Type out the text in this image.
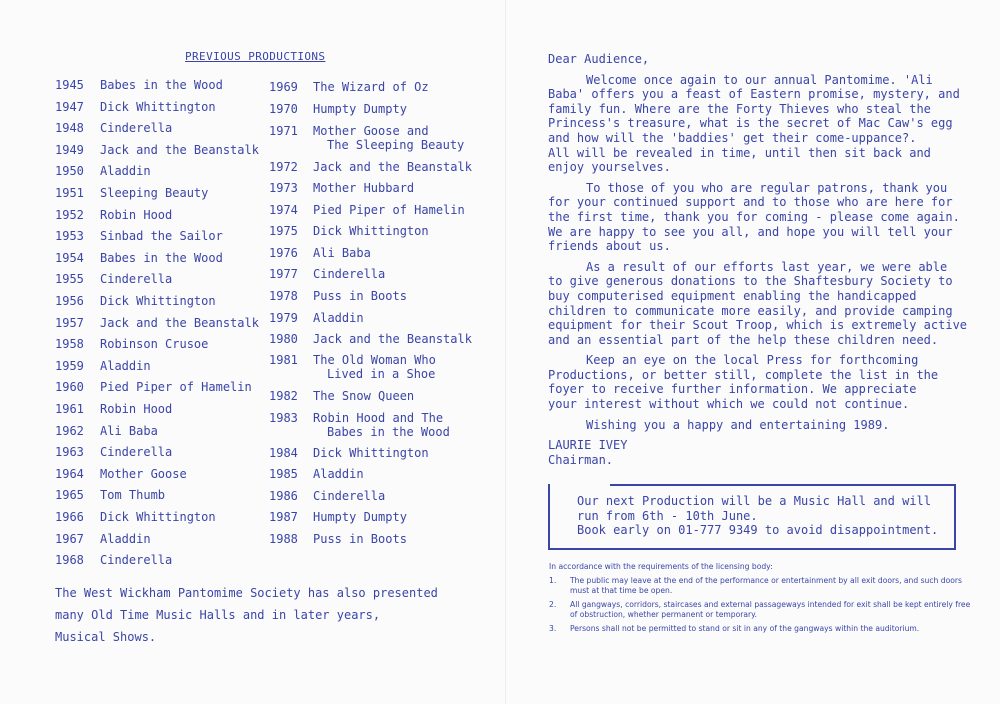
PREVIOUS PRODUCTIONS
1945 Babes in the Wood
1947 Dick Whittington
1948 Cinderella
1949 Jack and the Beanstalk
1950 Aladdin
1951 Sleeping Beauty
1952 Robin Hood
1953 Sinbad the Sailor
1954 Babes in the Wood
1955 Cinderella
1956 Dick Whittington
1957 Jack and the Beanstalk
1958 Robinson Crusoe
1959 Aladdin
1960 Pied Piper of Hamelin
1961 Robin Hood
1962 Ali Baba
1963 Cinderella
1964 Mother Goose
1965 Tom Thumb
1966 Dick Whittington
1967 Aladdin
1968 Cinderella
1969 The Wizard of Oz
1970 Humpty Dumpty
1971 Mother Goose and
The Sleeping Beauty
1972 Jack and the Beanstalk
1973 Mother Hubbard
1974 Pied Piper of Hamelin
1975 Dick Whittington
1976 Ali Baba
1977 Cinderella
1978 Puss in Boots
1979 Aladdin
1980 Jack and the Beanstalk
1981 The Old Woman Who
Lived in a Shoe
1982 The Snow Queen
1983 Robin Hood and The
Babes in the Wood
1984 Dick Whittington
1985 Aladdin
1986 Cinderella
1987 Humpty Dumpty
1988 Puss in Boots

The West Wickham Pantomime Society has also presented

many Old Time Music Halls and in later years,

Musical Shows.

Dear Audience,

Welcome once again to our annual Pantomime. 'Ali

Baba' offers you a feast of Eastern promise, mystery, and

family fun. Where are the Forty Thieves who steal the

Princess's treasure, what is the secret of Mac Caw's egg

and how will the 'baddies' get their come-uppance?.

All will be revealed in time, until then sit back and

enjoy yourselves.

To those of you who are regular patrons, thank you

for your continued support and to those who are here for

the first time, thank you for coming - please come again.

We are happy to see you all, and hope you will tell your

friends about us.

As a result of our efforts last year, we were able

to give generous donations to the Shaftesbury Society to

buy computerised equipment enabling the handicapped

children to communicate more easily, and provide camping

equipment for their Scout Troop, which is extremely active

and an essential part of the help these children need.

Keep an eye on the local Press for forthcoming

Productions, or better still, complete the list in the

foyer to receive further information. We appreciate

your interest without which we could not continue.

Wishing you a happy and entertaining 1989.

LAURIE IVEY

Chairman.

Our next Production will be a Music Hall and will

run from 6th - 10th June.

Book early on 01-777 9349 to avoid disappointment.

In accordance with the requirements of the licensing body:

1. The public may leave at the end of the performance or entertainment by all exit doors, and such doors must at that time be open.
2. All gangways, corridors, staircases and external passageways intended for exit shall be kept entirely free of obstruction, whether permanent or temporary.
3. Persons shall not be permitted to stand or sit in any of the gangways within the auditorium.
